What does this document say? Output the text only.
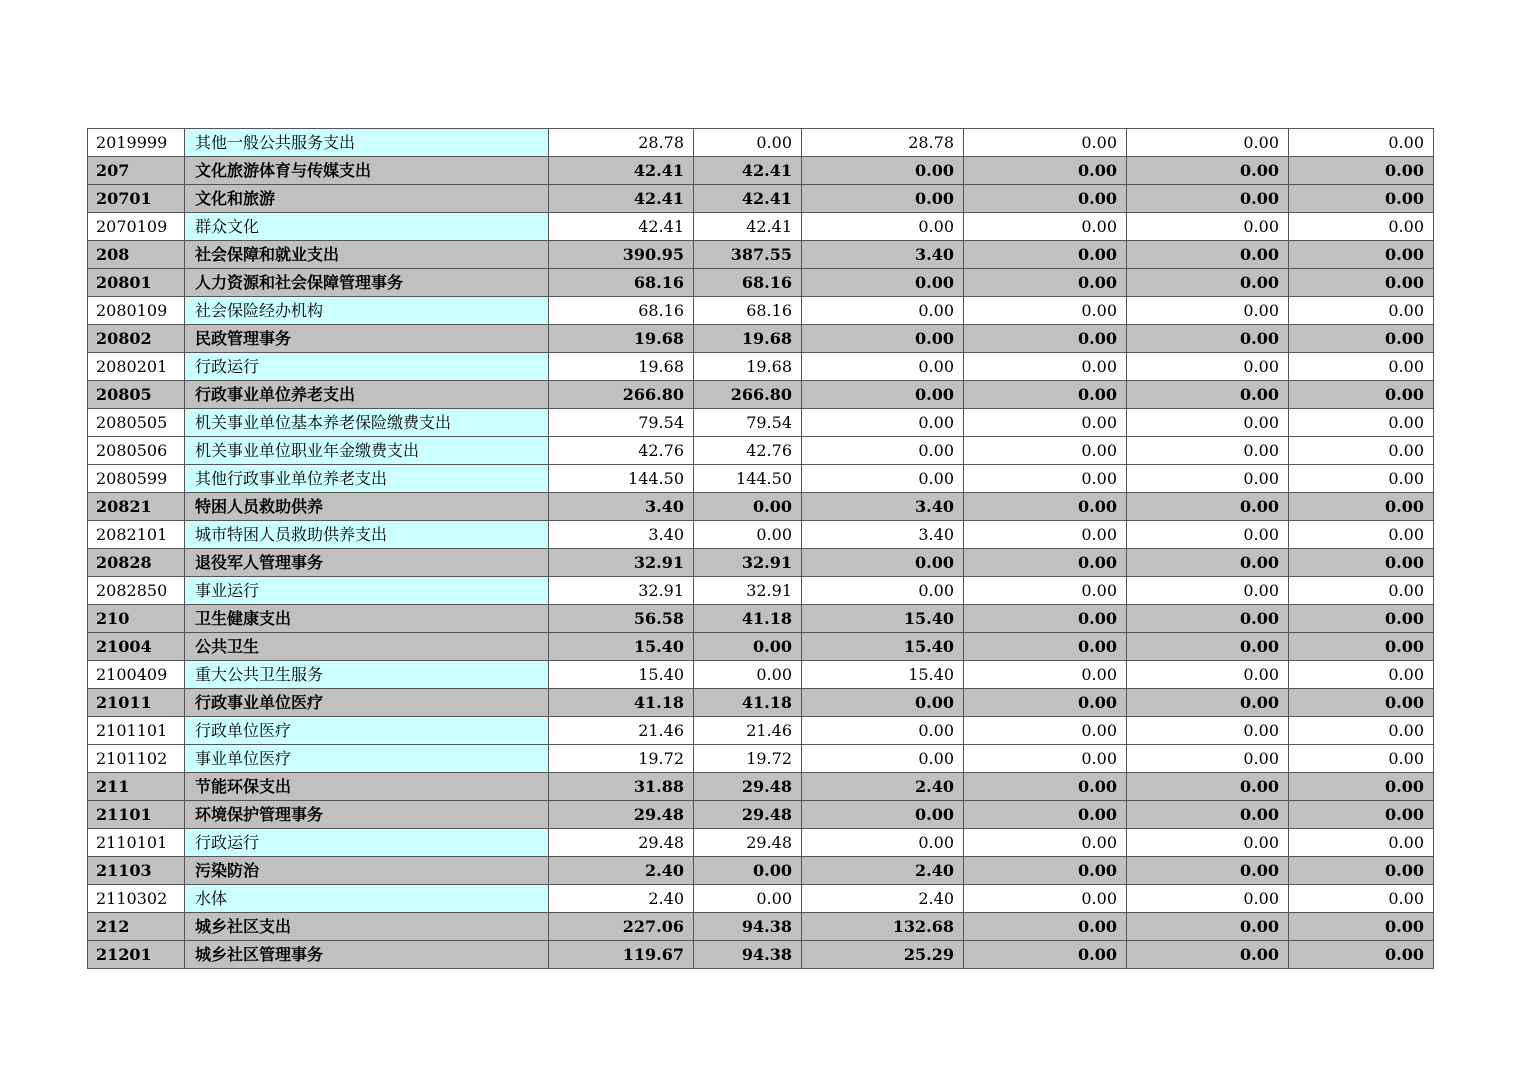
2019999	其他一般公共服务支出	28.78	0.00	28.78	0.00	0.00	0.00
207	文化旅游体育与传媒支出	42.41	42.41	0.00	0.00	0.00	0.00
20701	文化和旅游	42.41	42.41	0.00	0.00	0.00	0.00
2070109	群众文化	42.41	42.41	0.00	0.00	0.00	0.00
208	社会保障和就业支出	390.95	387.55	3.40	0.00	0.00	0.00
20801	人力资源和社会保障管理事务	68.16	68.16	0.00	0.00	0.00	0.00
2080109	社会保险经办机构	68.16	68.16	0.00	0.00	0.00	0.00
20802	民政管理事务	19.68	19.68	0.00	0.00	0.00	0.00
2080201	行政运行	19.68	19.68	0.00	0.00	0.00	0.00
20805	行政事业单位养老支出	266.80	266.80	0.00	0.00	0.00	0.00
2080505	机关事业单位基本养老保险缴费支出	79.54	79.54	0.00	0.00	0.00	0.00
2080506	机关事业单位职业年金缴费支出	42.76	42.76	0.00	0.00	0.00	0.00
2080599	其他行政事业单位养老支出	144.50	144.50	0.00	0.00	0.00	0.00
20821	特困人员救助供养	3.40	0.00	3.40	0.00	0.00	0.00
2082101	城市特困人员救助供养支出	3.40	0.00	3.40	0.00	0.00	0.00
20828	退役军人管理事务	32.91	32.91	0.00	0.00	0.00	0.00
2082850	事业运行	32.91	32.91	0.00	0.00	0.00	0.00
210	卫生健康支出	56.58	41.18	15.40	0.00	0.00	0.00
21004	公共卫生	15.40	0.00	15.40	0.00	0.00	0.00
2100409	重大公共卫生服务	15.40	0.00	15.40	0.00	0.00	0.00
21011	行政事业单位医疗	41.18	41.18	0.00	0.00	0.00	0.00
2101101	行政单位医疗	21.46	21.46	0.00	0.00	0.00	0.00
2101102	事业单位医疗	19.72	19.72	0.00	0.00	0.00	0.00
211	节能环保支出	31.88	29.48	2.40	0.00	0.00	0.00
21101	环境保护管理事务	29.48	29.48	0.00	0.00	0.00	0.00
2110101	行政运行	29.48	29.48	0.00	0.00	0.00	0.00
21103	污染防治	2.40	0.00	2.40	0.00	0.00	0.00
2110302	水体	2.40	0.00	2.40	0.00	0.00	0.00
212	城乡社区支出	227.06	94.38	132.68	0.00	0.00	0.00
21201	城乡社区管理事务	119.67	94.38	25.29	0.00	0.00	0.00
